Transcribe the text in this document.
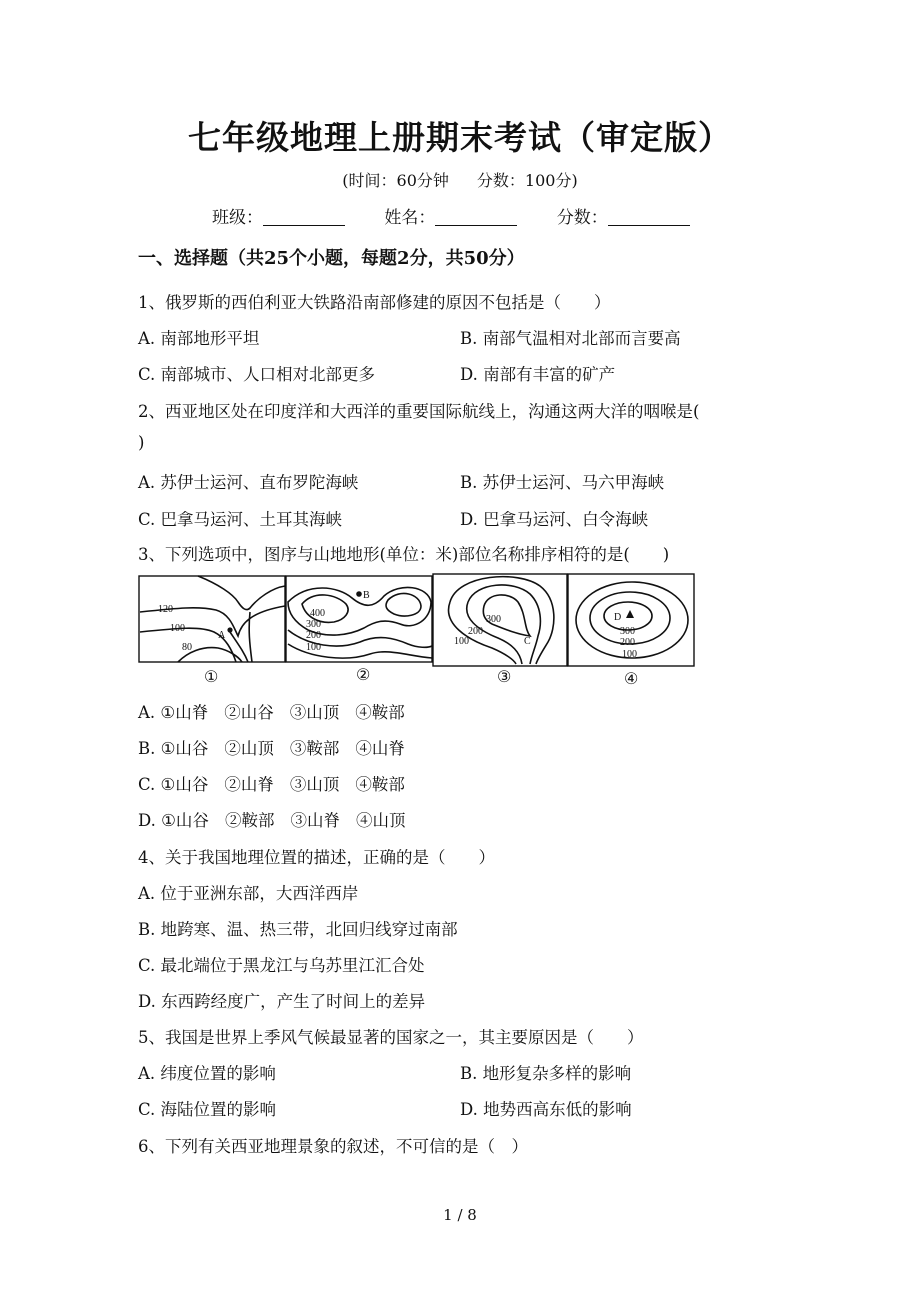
七年级地理上册期末考试（审定版）
(时间：60分钟 分数：100分)
班级：	姓名：	分数：
一、选择题（共25个小题，每题2分，共50分）
1、俄罗斯的西伯利亚大铁路沿南部修建的原因不包括是（　　）
A. 南部地形平坦	B. 南部气温相对北部而言要高
C. 南部城市、人口相对北部更多	D. 南部有丰富的矿产
2、西亚地区处在印度洋和大西洋的重要国际航线上，沟通这两大洋的咽喉是(
)
A. 苏伊士运河、直布罗陀海峡	B. 苏伊士运河、马六甲海峡
C. 巴拿马运河、土耳其海峡	D. 巴拿马运河、白令海峡
3、下列选项中，图序与山地地形(单位：米)部位名称排序相符的是(　　)
120
100
80
A
400
300
200
100
B
300
200
100	C
D
300
200
100
①	②	③	④
A. ①山脊 ②山谷 ③山顶 ④鞍部
B. ①山谷 ②山顶 ③鞍部 ④山脊
C. ①山谷 ②山脊 ③山顶 ④鞍部
D. ①山谷 ②鞍部 ③山脊 ④山顶
4、关于我国地理位置的描述，正确的是（　　）
A. 位于亚洲东部，大西洋西岸
B. 地跨寒、温、热三带，北回归线穿过南部
C. 最北端位于黑龙江与乌苏里江汇合处
D. 东西跨经度广，产生了时间上的差异
5、我国是世界上季风气候最显著的国家之一，其主要原因是（　　）
A. 纬度位置的影响	B. 地形复杂多样的影响
C. 海陆位置的影响	D. 地势西高东低的影响
6、下列有关西亚地理景象的叙述，不可信的是（　）
1 / 8
